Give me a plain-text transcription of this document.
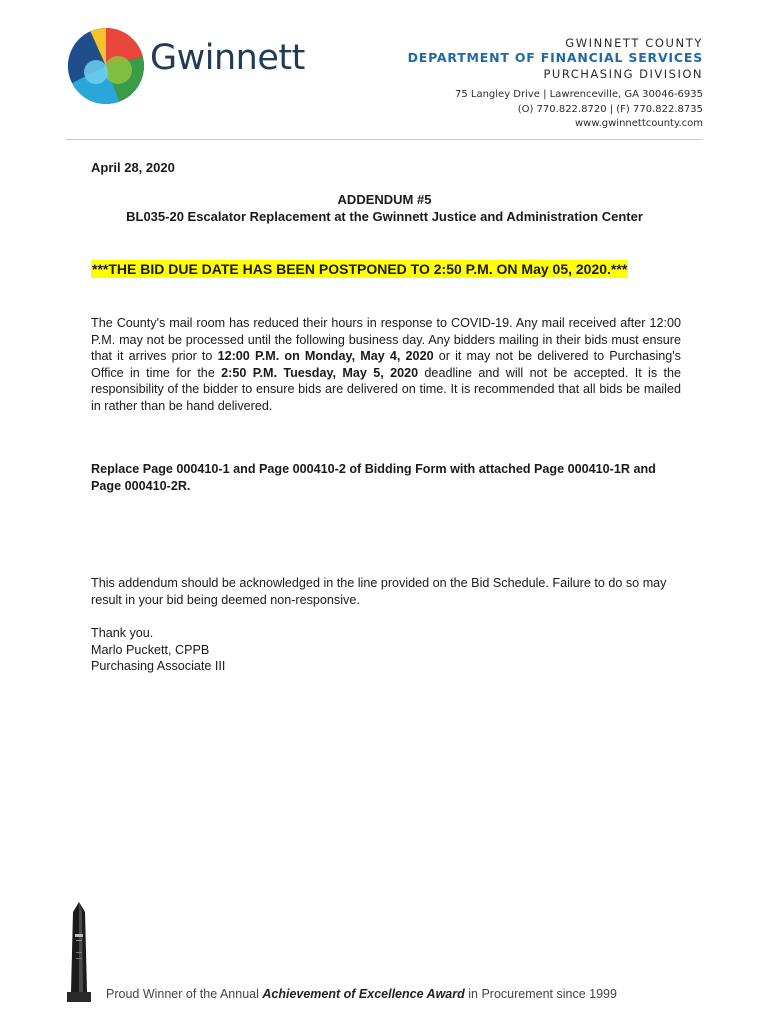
Gwinnett	GWINNETT COUNTY
DEPARTMENT OF FINANCIAL SERVICES
PURCHASING DIVISION
75 Langley Drive | Lawrenceville, GA 30046-6935
(O) 770.822.8720 | (F) 770.822.8735
www.gwinnettcounty.com
April 28, 2020
ADDENDUM #5
BL035-20 Escalator Replacement at the Gwinnett Justice and Administration Center
***THE BID DUE DATE HAS BEEN POSTPONED TO 2:50 P.M. ON May 05, 2020.***
The County's mail room has reduced their hours in response to COVID-19. Any mail received after 12:00 P.M. may not be processed until the following business day. Any bidders mailing in their bids must ensure that it arrives prior to 12:00 P.M. on Monday, May 4, 2020 or it may not be delivered to Purchasing's Office in time for the 2:50 P.M. Tuesday, May 5, 2020 deadline and will not be accepted. It is the responsibility of the bidder to ensure bids are delivered on time. It is recommended that all bids be mailed in rather than be hand delivered.
Replace Page 000410-1 and Page 000410-2 of Bidding Form with attached Page 000410-1R and Page 000410-2R.
This addendum should be acknowledged in the line provided on the Bid Schedule. Failure to do so may result in your bid being deemed non-responsive.
Thank you.
Marlo Puckett, CPPB
Purchasing Associate III
Proud Winner of the Annual Achievement of Excellence Award in Procurement since 1999
